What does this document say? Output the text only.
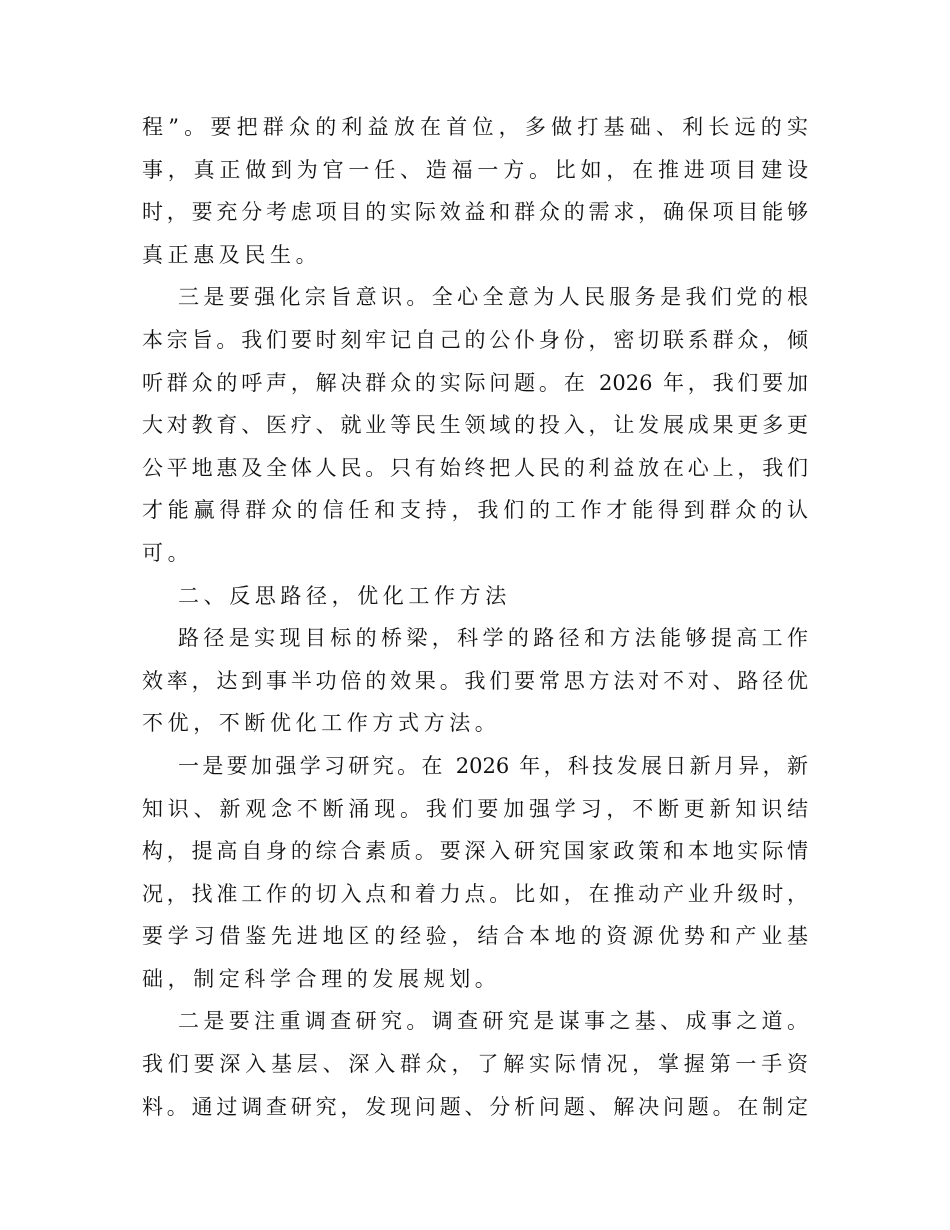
程”。要把群众的利益放在首位，多做打基础、利长远的实
事，真正做到为官一任、造福一方。比如，在推进项目建设
时，要充分考虑项目的实际效益和群众的需求，确保项目能够
真正惠及民生。
三是要强化宗旨意识。全心全意为人民服务是我们党的根
本宗旨。我们要时刻牢记自己的公仆身份，密切联系群众，倾
听群众的呼声，解决群众的实际问题。在 2026 年，我们要加
大对教育、医疗、就业等民生领域的投入，让发展成果更多更
公平地惠及全体人民。只有始终把人民的利益放在心上，我们
才能赢得群众的信任和支持，我们的工作才能得到群众的认
可。
二、反思路径，优化工作方法
路径是实现目标的桥梁，科学的路径和方法能够提高工作
效率，达到事半功倍的效果。我们要常思方法对不对、路径优
不优，不断优化工作方式方法。
一是要加强学习研究。在 2026 年，科技发展日新月异，新
知识、新观念不断涌现。我们要加强学习，不断更新知识结
构，提高自身的综合素质。要深入研究国家政策和本地实际情
况，找准工作的切入点和着力点。比如，在推动产业升级时，
要学习借鉴先进地区的经验，结合本地的资源优势和产业基
础，制定科学合理的发展规划。
二是要注重调查研究。调查研究是谋事之基、成事之道。
我们要深入基层、深入群众，了解实际情况，掌握第一手资
料。通过调查研究，发现问题、分析问题、解决问题。在制定
